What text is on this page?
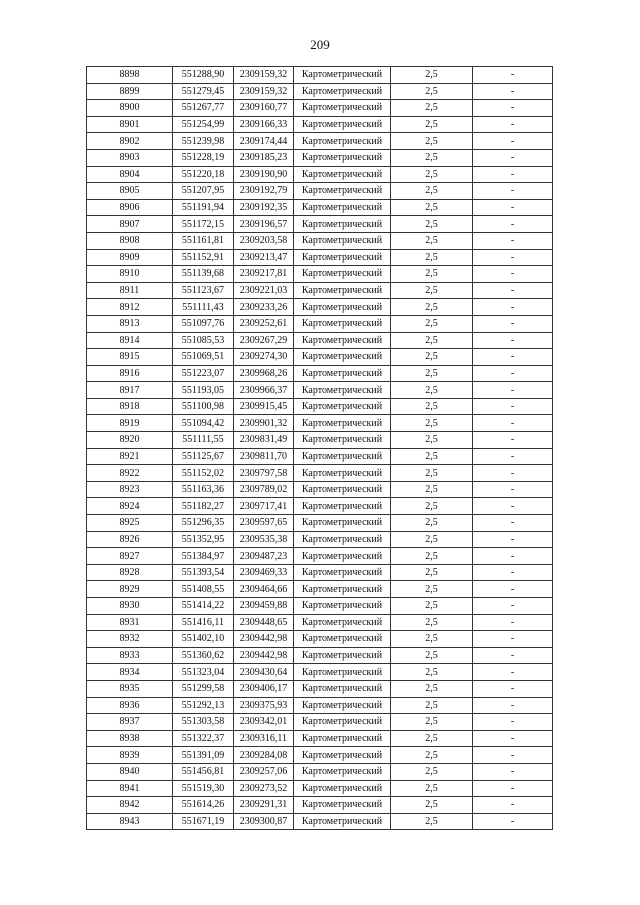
209
8898	551288,90	2309159,32	Картометрический	2,5	-
8899	551279,45	2309159,32	Картометрический	2,5	-
8900	551267,77	2309160,77	Картометрический	2,5	-
8901	551254,99	2309166,33	Картометрический	2,5	-
8902	551239,98	2309174,44	Картометрический	2,5	-
8903	551228,19	2309185,23	Картометрический	2,5	-
8904	551220,18	2309190,90	Картометрический	2,5	-
8905	551207,95	2309192,79	Картометрический	2,5	-
8906	551191,94	2309192,35	Картометрический	2,5	-
8907	551172,15	2309196,57	Картометрический	2,5	-
8908	551161,81	2309203,58	Картометрический	2,5	-
8909	551152,91	2309213,47	Картометрический	2,5	-
8910	551139,68	2309217,81	Картометрический	2,5	-
8911	551123,67	2309221,03	Картометрический	2,5	-
8912	551111,43	2309233,26	Картометрический	2,5	-
8913	551097,76	2309252,61	Картометрический	2,5	-
8914	551085,53	2309267,29	Картометрический	2,5	-
8915	551069,51	2309274,30	Картометрический	2,5	-
8916	551223,07	2309968,26	Картометрический	2,5	-
8917	551193,05	2309966,37	Картометрический	2,5	-
8918	551100,98	2309915,45	Картометрический	2,5	-
8919	551094,42	2309901,32	Картометрический	2,5	-
8920	551111,55	2309831,49	Картометрический	2,5	-
8921	551125,67	2309811,70	Картометрический	2,5	-
8922	551152,02	2309797,58	Картометрический	2,5	-
8923	551163,36	2309789,02	Картометрический	2,5	-
8924	551182,27	2309717,41	Картометрический	2,5	-
8925	551296,35	2309597,65	Картометрический	2,5	-
8926	551352,95	2309535,38	Картометрический	2,5	-
8927	551384,97	2309487,23	Картометрический	2,5	-
8928	551393,54	2309469,33	Картометрический	2,5	-
8929	551408,55	2309464,66	Картометрический	2,5	-
8930	551414,22	2309459,88	Картометрический	2,5	-
8931	551416,11	2309448,65	Картометрический	2,5	-
8932	551402,10	2309442,98	Картометрический	2,5	-
8933	551360,62	2309442,98	Картометрический	2,5	-
8934	551323,04	2309430,64	Картометрический	2,5	-
8935	551299,58	2309406,17	Картометрический	2,5	-
8936	551292,13	2309375,93	Картометрический	2,5	-
8937	551303,58	2309342,01	Картометрический	2,5	-
8938	551322,37	2309316,11	Картометрический	2,5	-
8939	551391,09	2309284,08	Картометрический	2,5	-
8940	551456,81	2309257,06	Картометрический	2,5	-
8941	551519,30	2309273,52	Картометрический	2,5	-
8942	551614,26	2309291,31	Картометрический	2,5	-
8943	551671,19	2309300,87	Картометрический	2,5	-
